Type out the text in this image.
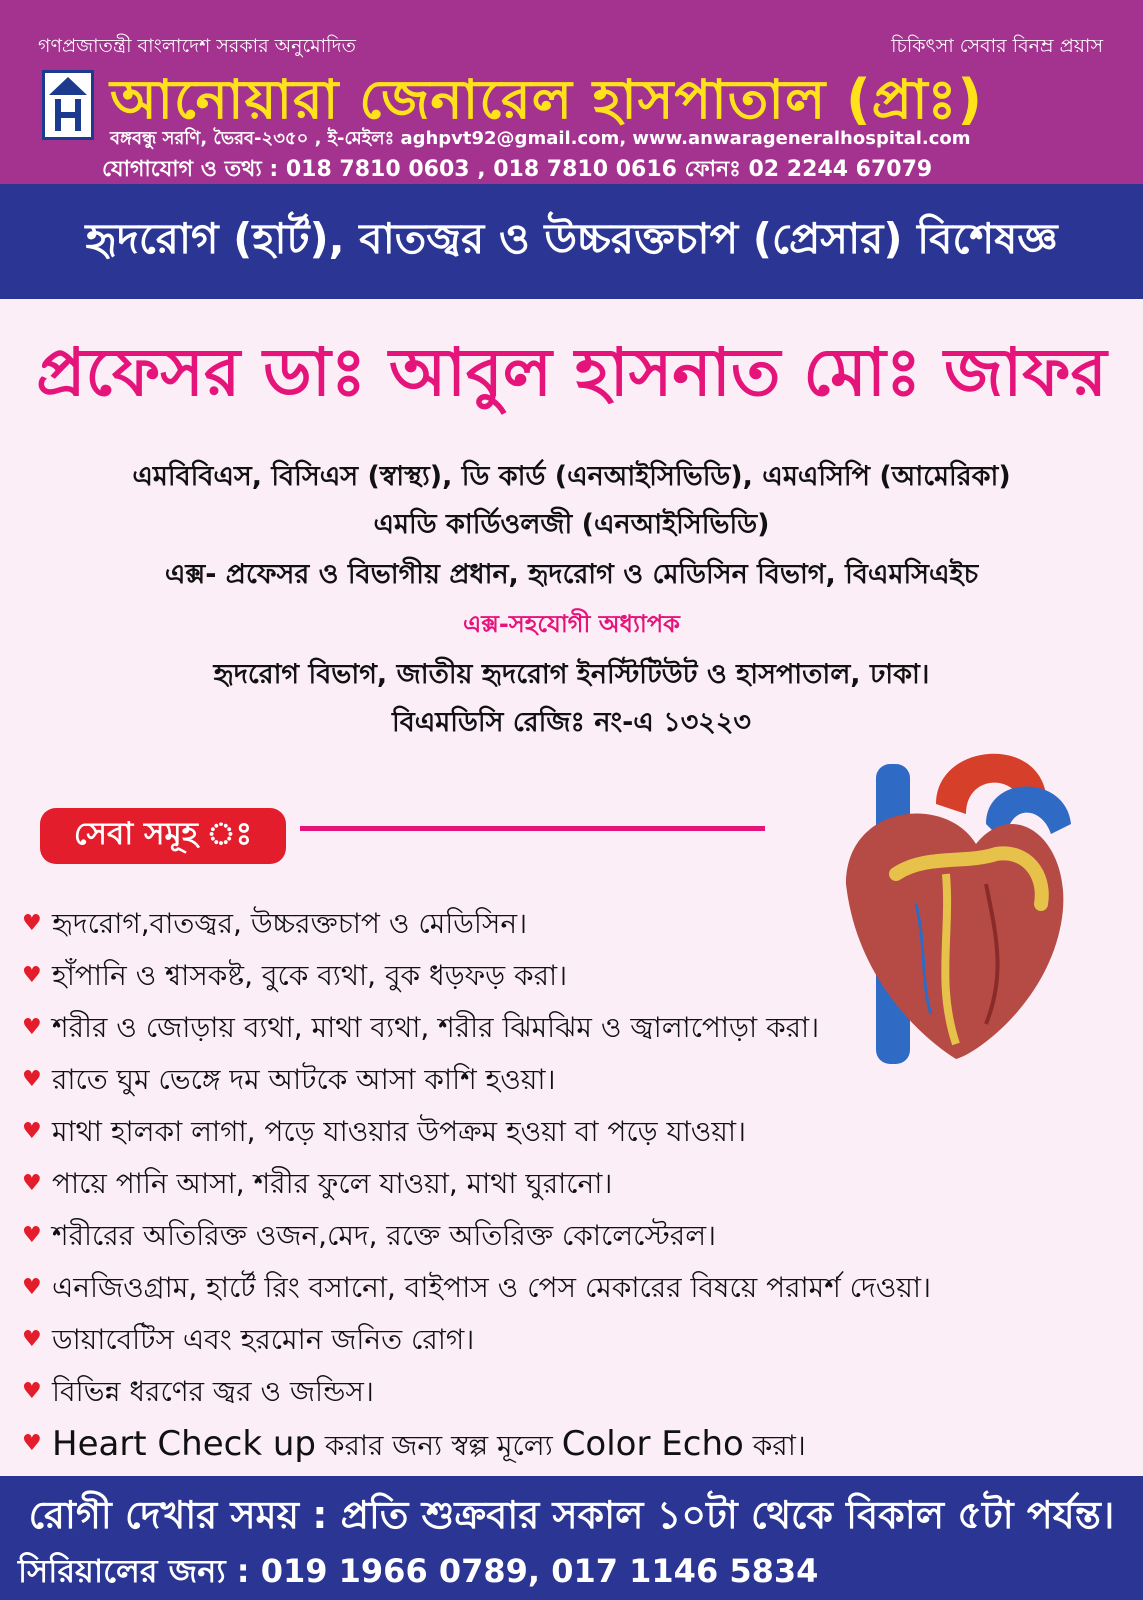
গণপ্রজাতন্ত্রী বাংলাদেশ সরকার অনুমোদিত	চিকিৎসা সেবার বিনম্র প্রয়াস
আনোয়ারা জেনারেল হাসপাতাল (প্রাঃ)
বঙ্গবন্ধু সরণি, ভৈরব-২৩৫০ , ই-মেইলঃ aghpvt92@gmail.com, www.anwarageneralhospital.com
যোগাযোগ ও তথ্য : 018 7810 0603 , 018 7810 0616 ফোনঃ 02 2244 67079
হৃদরোগ (হার্ট), বাতজ্বর ও উচ্চরক্তচাপ (প্রেসার) বিশেষজ্ঞ
প্রফেসর ডাঃ আবুল হাসনাত মোঃ জাফর
এমবিবিএস, বিসিএস (স্বাস্থ্য), ডি কার্ড (এনআইসিভিডি), এমএসিপি (আমেরিকা)
এমডি কার্ডিওলজী (এনআইসিভিডি)
এক্স- প্রফেসর ও বিভাগীয় প্রধান, হৃদরোগ ও মেডিসিন বিভাগ, বিএমসিএইচ
এক্স-সহযোগী অধ্যাপক
হৃদরোগ বিভাগ, জাতীয় হৃদরোগ ইনস্টিটিউট ও হাসপাতাল, ঢাকা।
বিএমডিসি রেজিঃ নং-এ ১৩২২৩
সেবা সমূহ ঃ
♥ হৃদরোগ,বাতজ্বর, উচ্চরক্তচাপ ও মেডিসিন।
♥ হাঁপানি ও শ্বাসকষ্ট, বুকে ব্যথা, বুক ধড়ফড় করা।
♥ শরীর ও জোড়ায় ব্যথা, মাথা ব্যথা, শরীর ঝিমঝিম ও জ্বালাপোড়া করা।
♥ রাতে ঘুম ভেঙ্গে দম আটকে আসা কাশি হওয়া।
♥ মাথা হালকা লাগা, পড়ে যাওয়ার উপক্রম হওয়া বা পড়ে যাওয়া।
♥ পায়ে পানি আসা, শরীর ফুলে যাওয়া, মাথা ঘুরানো।
♥ শরীরের অতিরিক্ত ওজন,মেদ, রক্তে অতিরিক্ত কোলেস্টেরল।
♥ এনজিওগ্রাম, হার্টে রিং বসানো, বাইপাস ও পেস মেকারের বিষয়ে পরামর্শ দেওয়া।
♥ ডায়াবেটিস এবং হরমোন জনিত রোগ।
♥ বিভিন্ন ধরণের জ্বর ও জন্ডিস।
♥ Heart Check up করার জন্য স্বল্প মূল্যে Color Echo করা।
রোগী দেখার সময় : প্রতি শুক্রবার সকাল ১০টা থেকে বিকাল ৫টা পর্যন্ত।
সিরিয়ালের জন্য : 019 1966 0789, 017 1146 5834
